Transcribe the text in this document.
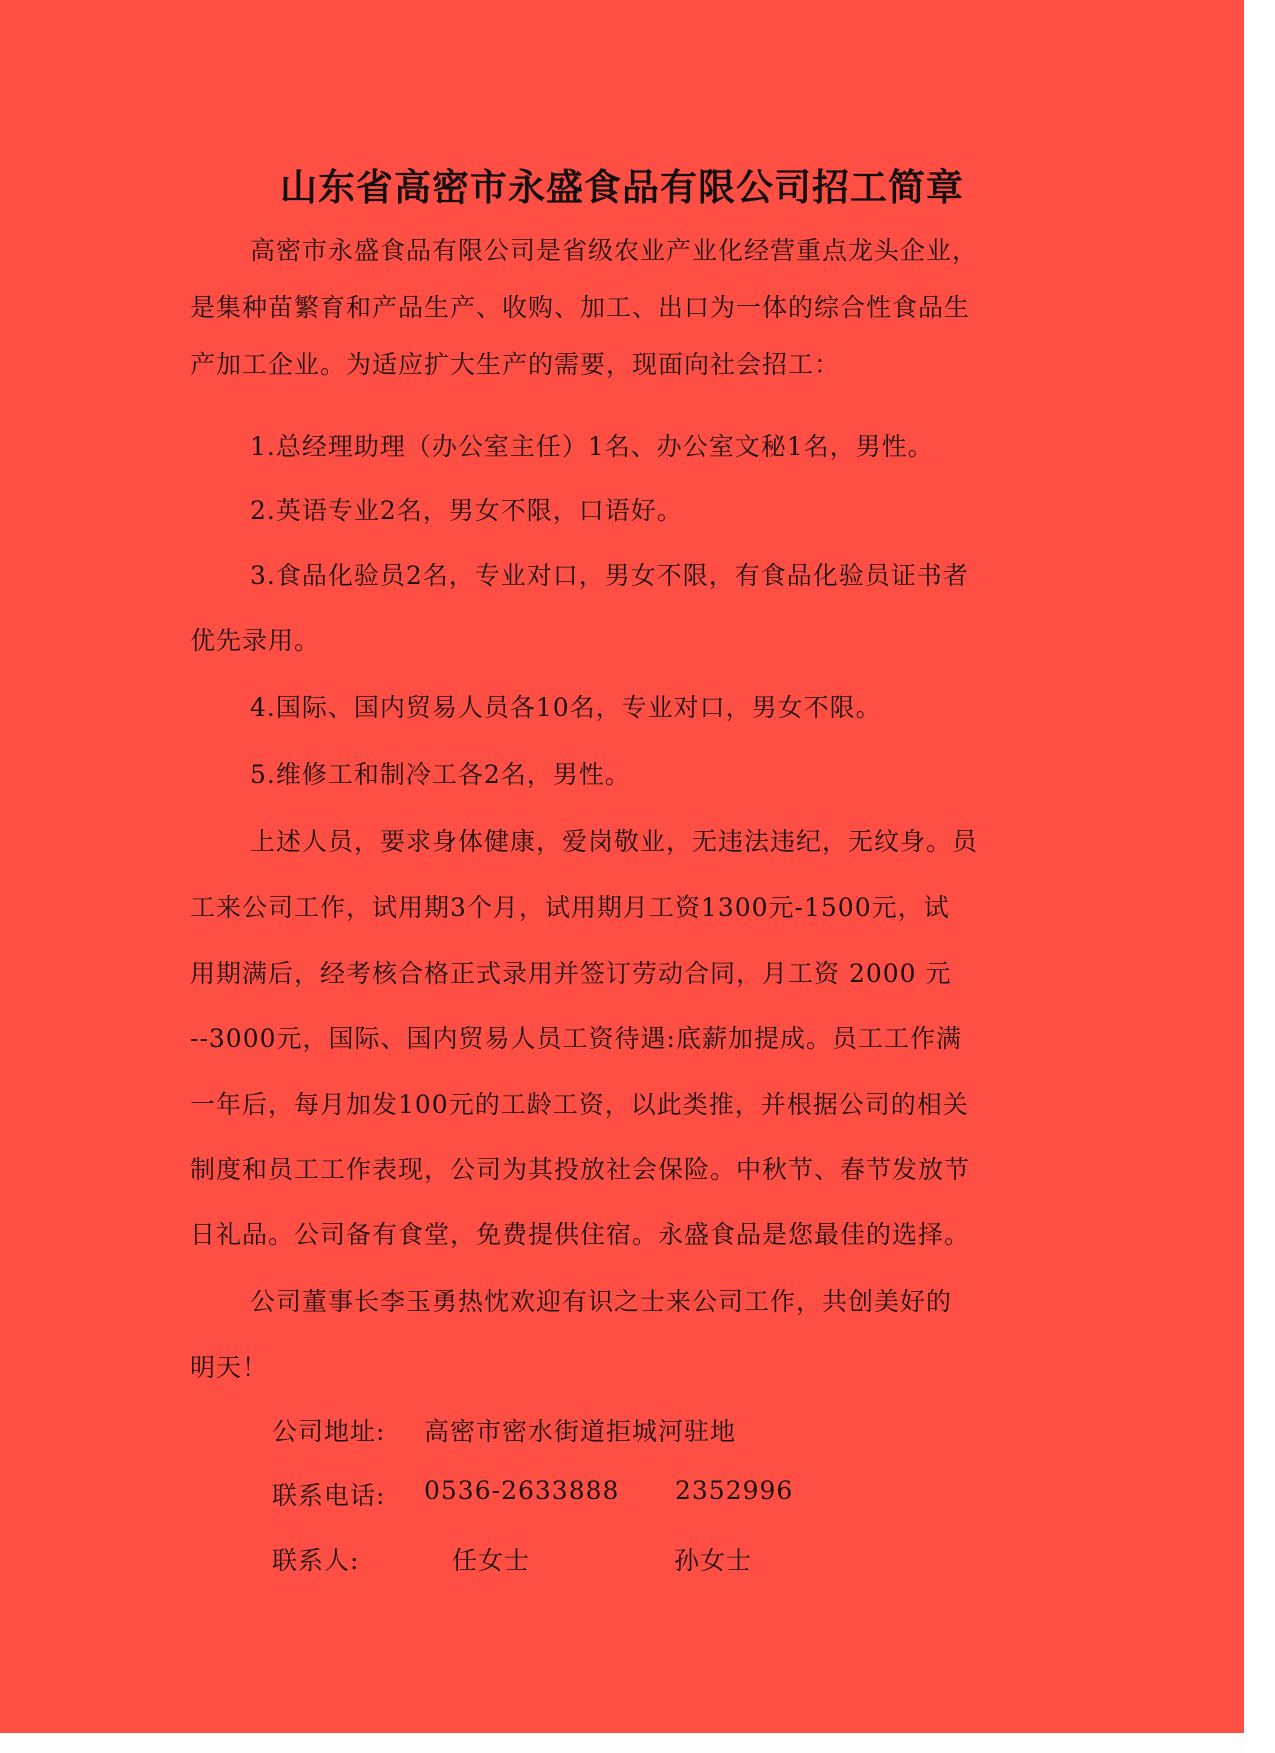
山东省高密市永盛食品有限公司招工简章
高密市永盛食品有限公司是省级农业产业化经营重点龙头企业，
是集种苗繁育和产品生产、收购、加工、出口为一体的综合性食品生
产加工企业。为适应扩大生产的需要，现面向社会招工：
1.总经理助理（办公室主任）1名、办公室文秘1名，男性。
2.英语专业2名，男女不限，口语好。
3.食品化验员2名，专业对口，男女不限，有食品化验员证书者
优先录用。
4.国际、国内贸易人员各10名，专业对口，男女不限。
5.维修工和制冷工各2名，男性。
上述人员，要求身体健康，爱岗敬业，无违法违纪，无纹身。员
工来公司工作，试用期3个月，试用期月工资1300元-1500元，试
用期满后，经考核合格正式录用并签订劳动合同，月工资 2000 元
--3000元，国际、国内贸易人员工资待遇:底薪加提成。员工工作满
一年后，每月加发100元的工龄工资，以此类推，并根据公司的相关
制度和员工工作表现，公司为其投放社会保险。中秋节、春节发放节
日礼品。公司备有食堂，免费提供住宿。永盛食品是您最佳的选择。
公司董事长李玉勇热忱欢迎有识之士来公司工作，共创美好的
明天！
公司地址: 高密市密水街道拒城河驻地
联系电话: 0536-2633888 2352996
联系人:	任女士	孙女士
